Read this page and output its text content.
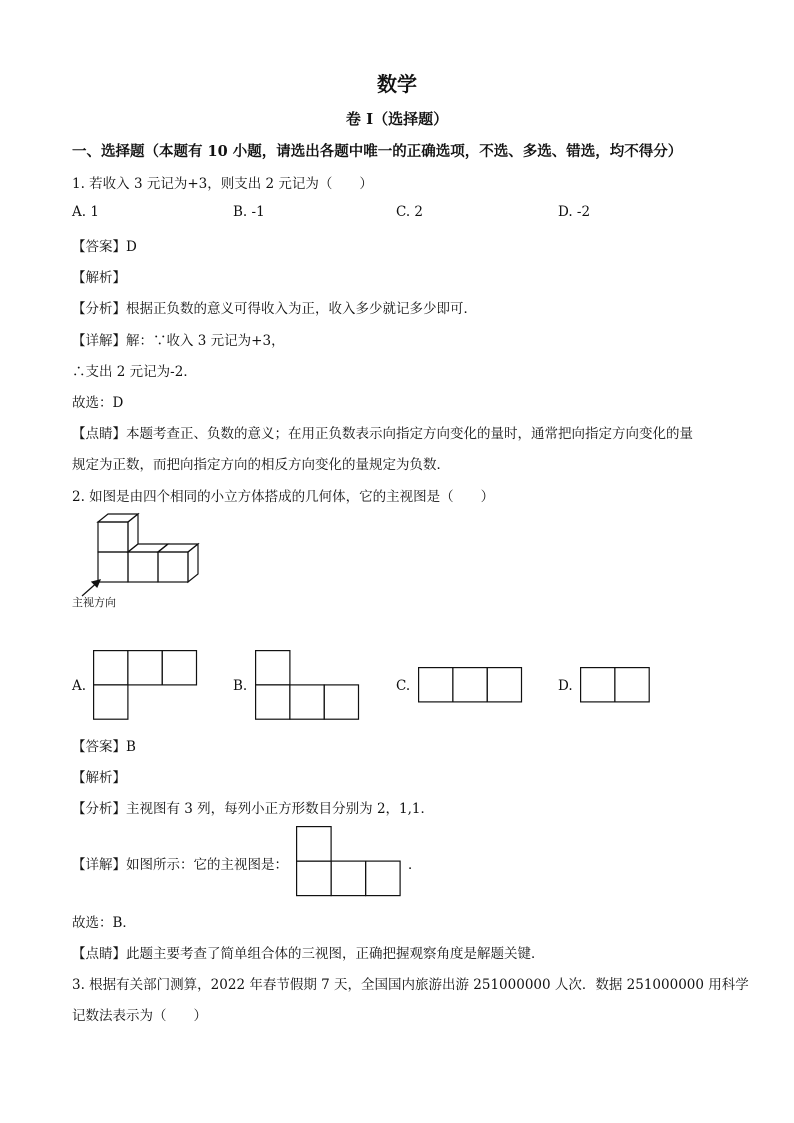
数学
卷 I（选择题）
一、选择题（本题有 10 小题，请选出各题中唯一的正确选项，不选、多选、错选，均不得分）
1. 若收入 3 元记为+3，则支出 2 元记为（　　）
A. 1	B. -1	C. 2	D. -2
【答案】D
【解析】
【分析】根据正负数的意义可得收入为正，收入多少就记多少即可．
【详解】解：∵收入 3 元记为+3，
∴支出 2 元记为-2．
故选：D
【点睛】本题考查正、负数的意义；在用正负数表示向指定方向变化的量时，通常把向指定方向变化的量
规定为正数，而把向指定方向的相反方向变化的量规定为负数．
2. 如图是由四个相同的小立方体搭成的几何体，它的主视图是（　　）
主视方向
A.	B.	C.	D.
【答案】B
【解析】
【分析】主视图有 3 列，每列小正方形数目分别为 2，1,1．
【详解】如图所示：它的主视图是：	．
故选：B．
【点睛】此题主要考查了简单组合体的三视图，正确把握观察角度是解题关键．
3. 根据有关部门测算，2022 年春节假期 7 天，全国国内旅游出游 251000000 人次．数据 251000000 用科学
记数法表示为（　　）
